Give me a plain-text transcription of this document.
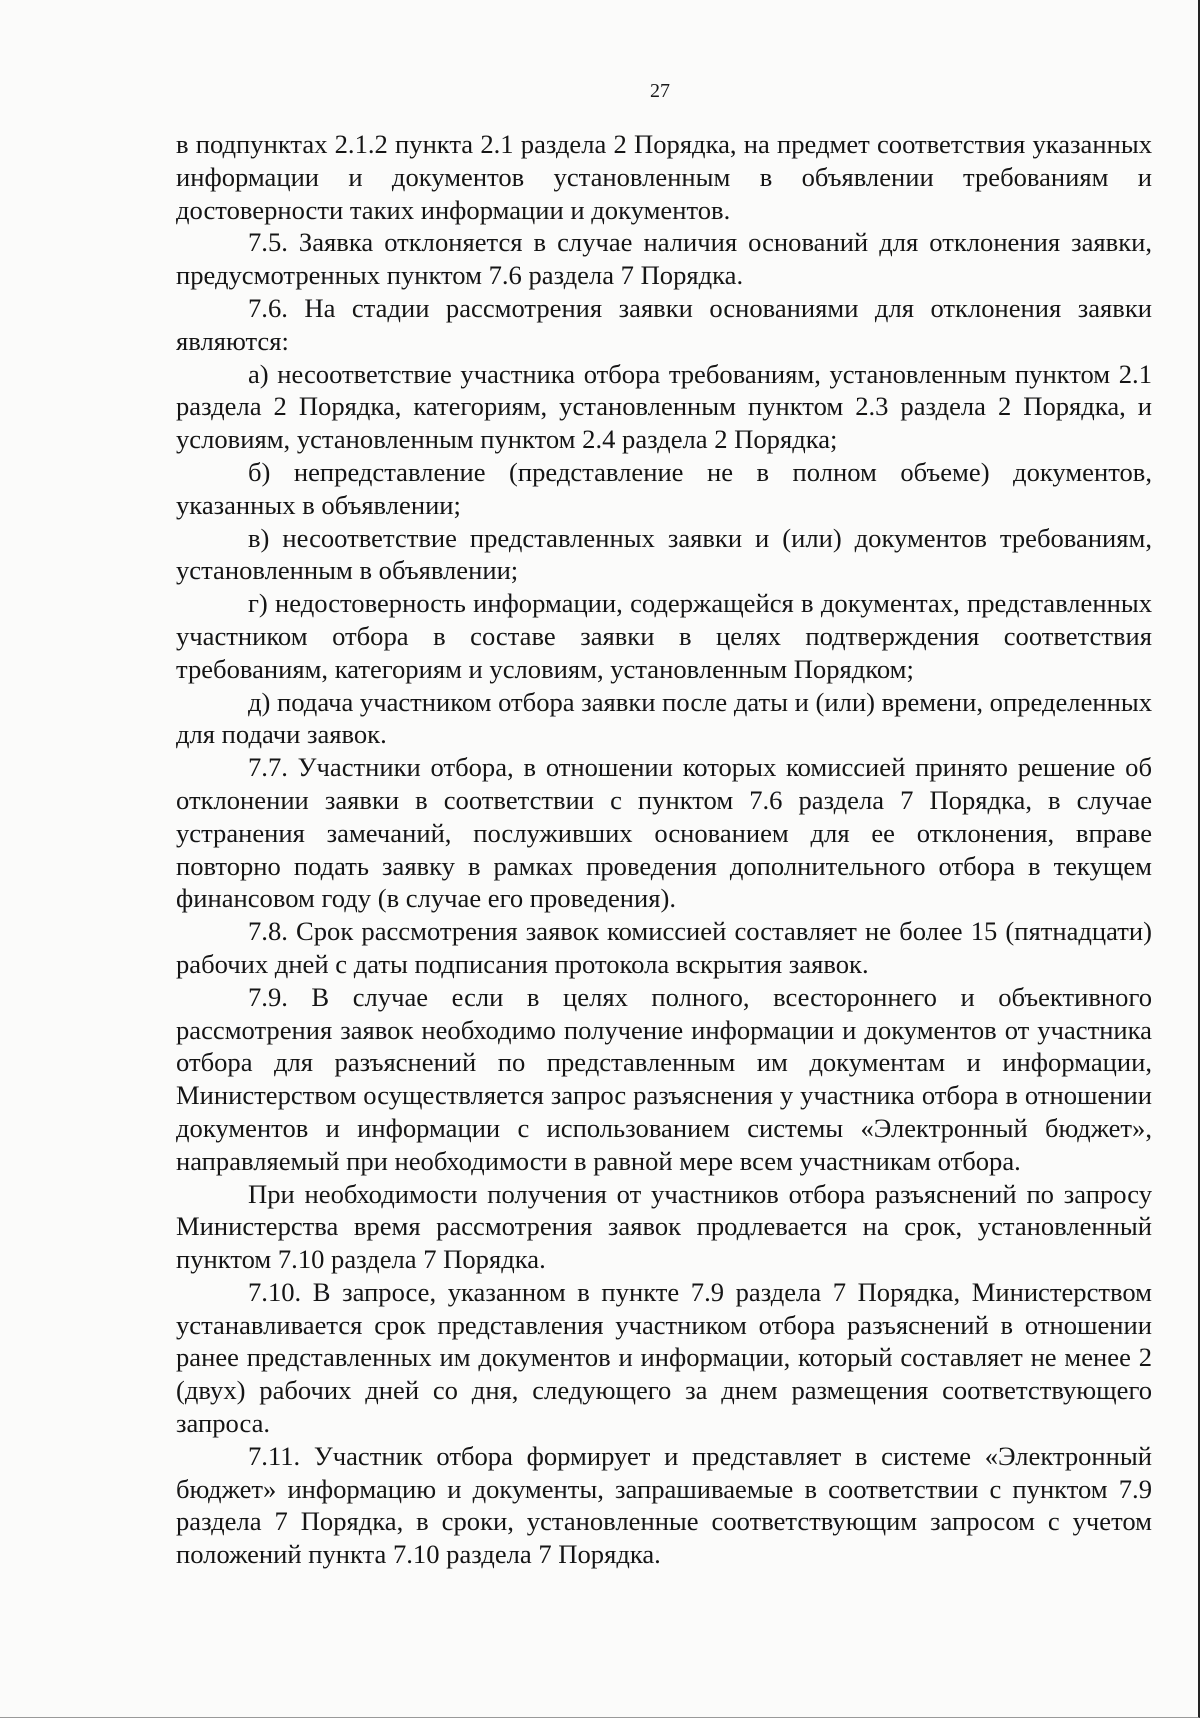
27

в подпунктах 2.1.2 пункта 2.1 раздела 2 Порядка, на предмет соответствия указанных информации и документов установленным в объявлении требованиям и достоверности таких информации и документов.

7.5. Заявка отклоняется в случае наличия оснований для отклонения заявки, предусмотренных пунктом 7.6 раздела 7 Порядка.

7.6. На стадии рассмотрения заявки основаниями для отклонения заявки являются:

а) несоответствие участника отбора требованиям, установленным пунктом 2.1 раздела 2 Порядка, категориям, установленным пунктом 2.3 раздела 2 Порядка, и условиям, установленным пунктом 2.4 раздела 2 Порядка;

б) непредставление (представление не в полном объеме) документов, указанных в объявлении;

в) несоответствие представленных заявки и (или) документов требованиям, установленным в объявлении;

г) недостоверность информации, содержащейся в документах, представленных участником отбора в составе заявки в целях подтверждения соответствия требованиям, категориям и условиям, установленным Порядком;

д) подача участником отбора заявки после даты и (или) времени, определенных для подачи заявок.

7.7. Участники отбора, в отношении которых комиссией принято решение об отклонении заявки в соответствии с пунктом 7.6 раздела 7 Порядка, в случае устранения замечаний, послуживших основанием для ее отклонения, вправе повторно подать заявку в рамках проведения дополнительного отбора в текущем финансовом году (в случае его проведения).

7.8. Срок рассмотрения заявок комиссией составляет не более 15 (пятнадцати) рабочих дней с даты подписания протокола вскрытия заявок.

7.9. В случае если в целях полного, всестороннего и объективного рассмотрения заявок необходимо получение информации и документов от участника отбора для разъяснений по представленным им документам и информации, Министерством осуществляется запрос разъяснения у участника отбора в отношении документов и информации с использованием системы «Электронный бюджет», направляемый при необходимости в равной мере всем участникам отбора.

При необходимости получения от участников отбора разъяснений по запросу Министерства время рассмотрения заявок продлевается на срок, установленный пунктом 7.10 раздела 7 Порядка.

7.10. В запросе, указанном в пункте 7.9 раздела 7 Порядка, Министерством устанавливается срок представления участником отбора разъяснений в отношении ранее представленных им документов и информации, который составляет не менее 2 (двух) рабочих дней со дня, следующего за днем размещения соответствующего запроса.

7.11. Участник отбора формирует и представляет в системе «Электронный бюджет» информацию и документы, запрашиваемые в соответствии с пунктом 7.9 раздела 7 Порядка, в сроки, установленные соответствующим запросом с учетом положений пункта 7.10 раздела 7 Порядка.
